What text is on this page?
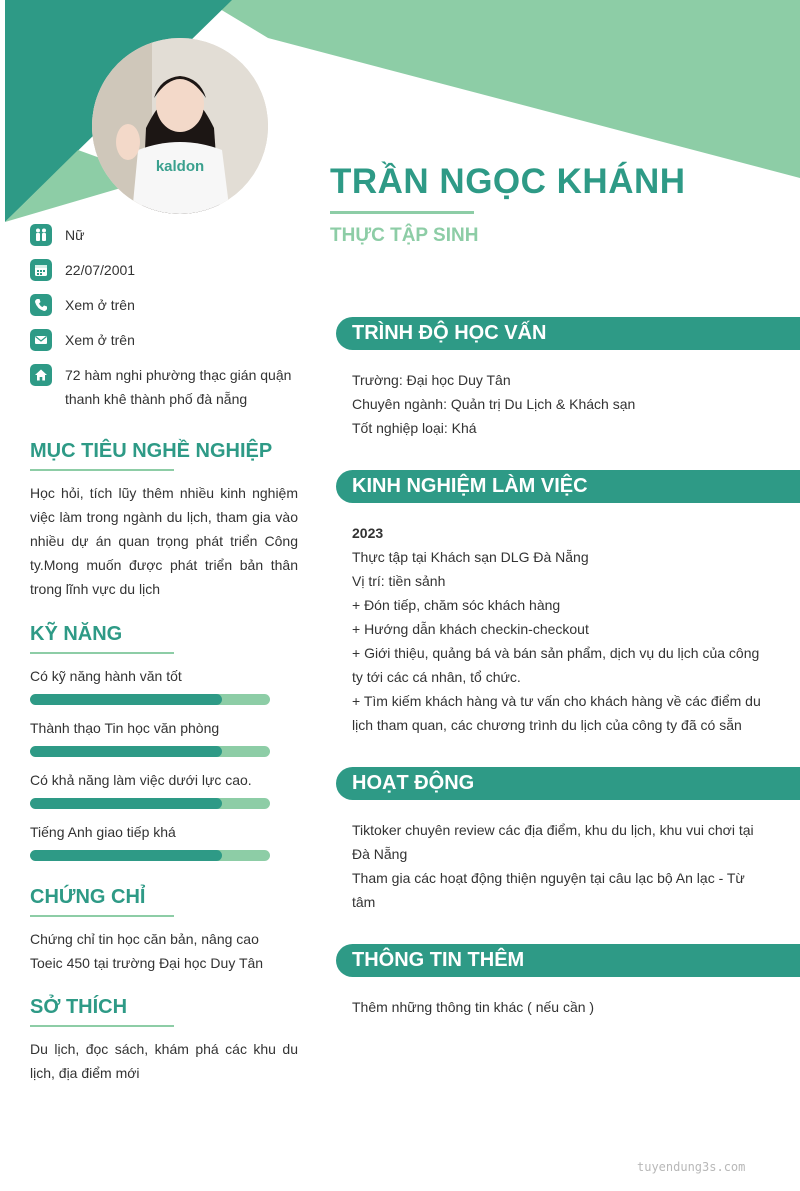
kaldon	TRẦN NGỌC KHÁNH
THỰC TẬP SINH
Nữ
22/07/2001
Xem ở trên
Xem ở trên
72 hàm nghi phường thạc gián quận thanh khê thành phố đà nẵng
MỤC TIÊU NGHỀ NGHIỆP
Học hỏi, tích lũy thêm nhiều kinh nghiệm việc làm trong ngành du lịch, tham gia vào nhiều dự án quan trọng phát triển Công ty.Mong muốn được phát triển bản thân trong lĩnh vực du lịch
KỸ NĂNG
Có kỹ năng hành văn tốt
Thành thạo Tin học văn phòng
Có khả năng làm việc dưới lực cao.
Tiếng Anh giao tiếp khá
CHỨNG CHỈ
Chứng chỉ tin học căn bản, nâng cao
Toeic 450 tại trường Đại học Duy Tân
SỞ THÍCH
Du lịch, đọc sách, khám phá các khu du lịch, địa điểm mới
TRÌNH ĐỘ HỌC VẤN

Trường: Đại học Duy Tân

Chuyên ngành: Quản trị Du Lịch & Khách sạn

Tốt nghiệp loại: Khá

KINH NGHIỆM LÀM VIỆC

2023

Thực tập tại Khách sạn DLG Đà Nẵng

Vị trí: tiền sảnh

+ Đón tiếp, chăm sóc khách hàng

+ Hướng dẫn khách checkin-checkout

+ Giới thiệu, quảng bá và bán sản phẩm, dịch vụ du lịch của công ty tới các cá nhân, tổ chức.

+ Tìm kiếm khách hàng và tư vấn cho khách hàng về các điểm du lịch tham quan, các chương trình du lịch của công ty đã có sẵn

HOẠT ĐỘNG

Tiktoker chuyên review các địa điểm, khu du lịch, khu vui chơi tại Đà Nẵng

Tham gia các hoạt động thiện nguyện tại câu lạc bộ An lạc - Từ tâm

THÔNG TIN THÊM

Thêm những thông tin khác ( nếu cần )

tuyendung3s.com
